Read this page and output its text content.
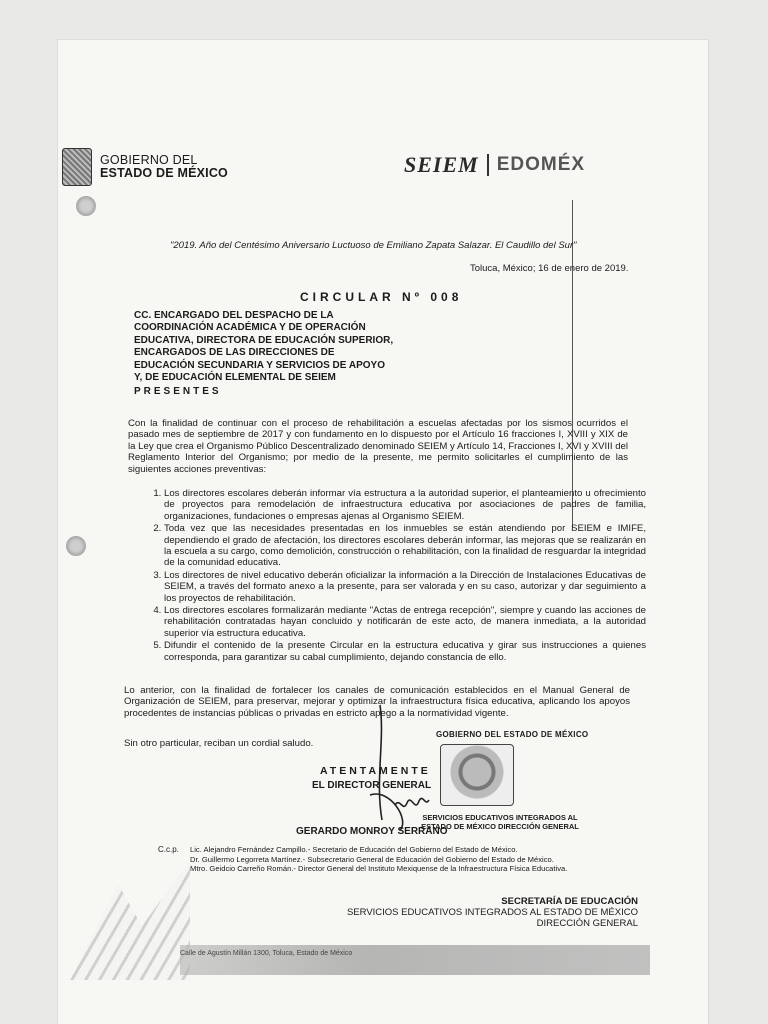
GOBIERNO DEL
ESTADO DE MÉXICO	SEIEM EDOMÉX
"2019. Año del Centésimo Aniversario Luctuoso de Emiliano Zapata Salazar. El Caudillo del Sur"
Toluca, México; 16 de enero de 2019.
CIRCULAR Nº 008
CC. ENCARGADO DEL DESPACHO DE LA COORDINACIÓN ACADÉMICA Y DE OPERACIÓN EDUCATIVA, DIRECTORA DE EDUCACIÓN SUPERIOR, ENCARGADOS DE LAS DIRECCIONES DE EDUCACIÓN SECUNDARIA Y SERVICIOS DE APOYO Y, DE EDUCACIÓN ELEMENTAL DE SEIEM
PRESENTES
Con la finalidad de continuar con el proceso de rehabilitación a escuelas afectadas por los sismos ocurridos el pasado mes de septiembre de 2017 y con fundamento en lo dispuesto por el Artículo 16 fracciones I, XVIII y XIX de la Ley que crea el Organismo Público Descentralizado denominado SEIEM y Artículo 14, Fracciones I, XVI y XVIII del Reglamento Interior del Organismo; por medio de la presente, me permito solicitarles el cumplimiento de las siguientes acciones preventivas:
1. Los directores escolares deberán informar vía estructura a la autoridad superior, el planteamiento u ofrecimiento de proyectos para remodelación de infraestructura educativa por asociaciones de padres de familia, organizaciones, fundaciones o empresas ajenas al Organismo SEIEM.
2. Toda vez que las necesidades presentadas en los inmuebles se están atendiendo por SEIEM e IMIFE, dependiendo el grado de afectación, los directores escolares deberán informar, las mejoras que se realizarán en la escuela a su cargo, como demolición, construcción o rehabilitación, con la finalidad de resguardar la integridad de la comunidad educativa.
3. Los directores de nivel educativo deberán oficializar la información a la Dirección de Instalaciones Educativas de SEIEM, a través del formato anexo a la presente, para ser valorada y en su caso, autorizar y dar seguimiento a los proyectos de rehabilitación.
4. Los directores escolares formalizarán mediante "Actas de entrega recepción", siempre y cuando las acciones de rehabilitación contratadas hayan concluido y notificarán de este acto, de manera inmediata, a la autoridad superior vía estructura educativa.
5. Difundir el contenido de la presente Circular en la estructura educativa y girar sus instrucciones a quienes corresponda, para garantizar su cabal cumplimiento, dejando constancia de ello.
Lo anterior, con la finalidad de fortalecer los canales de comunicación establecidos en el Manual General de Organización de SEIEM, para preservar, mejorar y optimizar la infraestructura física educativa, aplicando los apoyos procedentes de instancias públicas o privadas en estricto apego a la normatividad vigente.
Sin otro particular, reciban un cordial saludo.
GOBIERNO DEL ESTADO DE MÉXICO
ATENTAMENTE
EL DIRECTOR GENERAL
GERARDO MONROY SERRANO
SERVICIOS EDUCATIVOS INTEGRADOS AL ESTADO DE MÉXICO DIRECCIÓN GENERAL
C.c.p. Lic. Alejandro Fernández Campillo.- Secretario de Educación del Gobierno del Estado de México.
Dr. Guillermo Legorreta Martínez.- Subsecretario General de Educación del Gobierno del Estado de México.
Mtro. Geidcio Carreño Román.- Director General del Instituto Mexiquense de la Infraestructura Física Educativa.
SECRETARÍA DE EDUCACIÓN
SERVICIOS EDUCATIVOS INTEGRADOS AL ESTADO DE MÉXICO
DIRECCIÓN GENERAL
Calle de Agustín Millán 1300, Toluca, Estado de México
